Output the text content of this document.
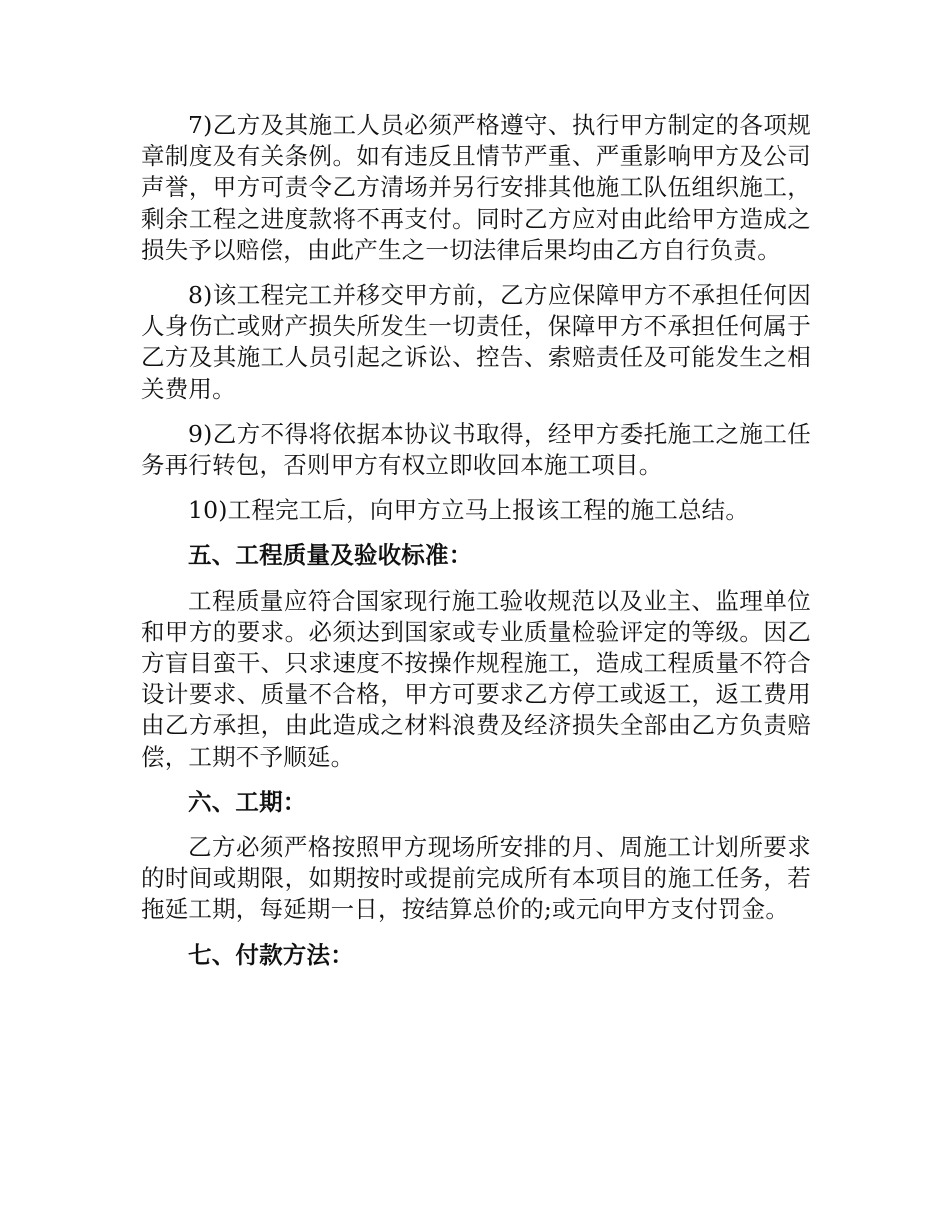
7)乙方及其施工人员必须严格遵守、执行甲方制定的各项规章制度及有关条例。如有违反且情节严重、严重影响甲方及公司声誉，甲方可责令乙方清场并另行安排其他施工队伍组织施工，剩余工程之进度款将不再支付。同时乙方应对由此给甲方造成之损失予以赔偿，由此产生之一切法律后果均由乙方自行负责。

8)该工程完工并移交甲方前，乙方应保障甲方不承担任何因人身伤亡或财产损失所发生一切责任，保障甲方不承担任何属于乙方及其施工人员引起之诉讼、控告、索赔责任及可能发生之相关费用。

9)乙方不得将依据本协议书取得，经甲方委托施工之施工任务再行转包，否则甲方有权立即收回本施工项目。

10)工程完工后，向甲方立马上报该工程的施工总结。

五、工程质量及验收标准：

工程质量应符合国家现行施工验收规范以及业主、监理单位和甲方的要求。必须达到国家或专业质量检验评定的等级。因乙方盲目蛮干、只求速度不按操作规程施工，造成工程质量不符合设计要求、质量不合格，甲方可要求乙方停工或返工，返工费用由乙方承担，由此造成之材料浪费及经济损失全部由乙方负责赔偿，工期不予顺延。

六、工期：

乙方必须严格按照甲方现场所安排的月、周施工计划所要求的时间或期限，如期按时或提前完成所有本项目的施工任务，若拖延工期，每延期一日，按结算总价的;或元向甲方支付罚金。

七、付款方法：
